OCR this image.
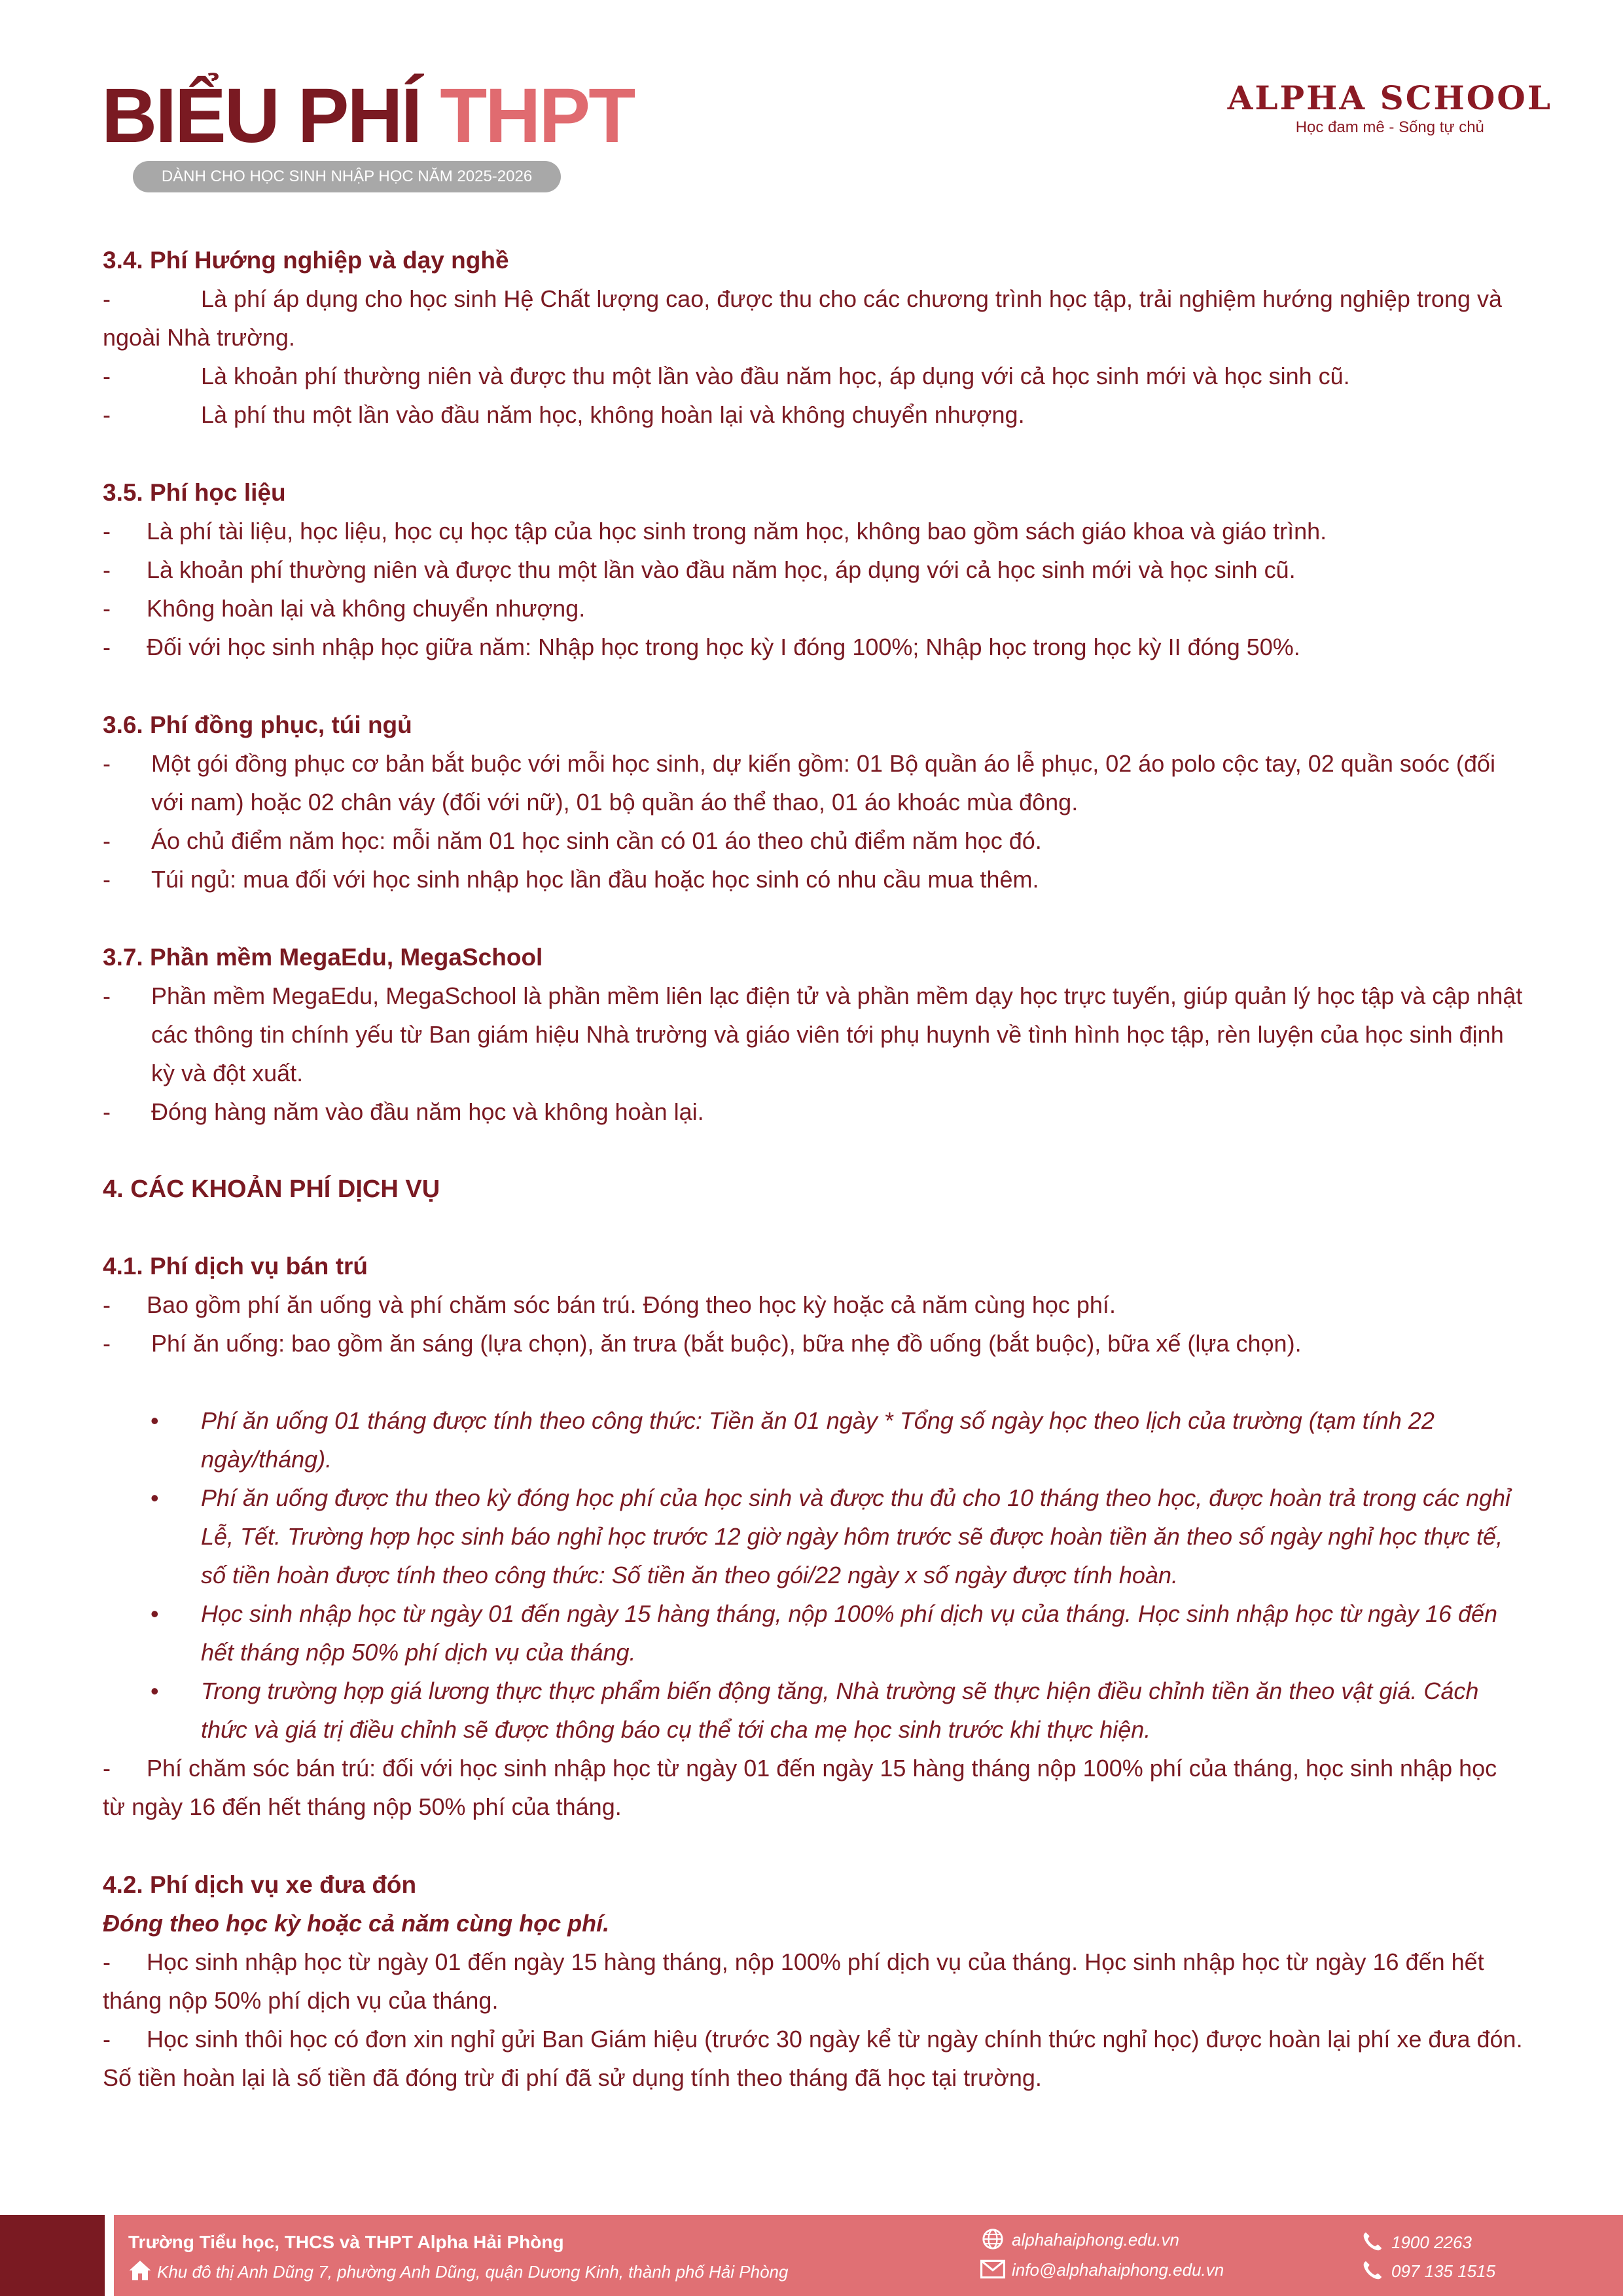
BIỂU PHÍ THPT
DÀNH CHO HỌC SINH NHẬP HỌC NĂM 2025-2026
ALPHA SCHOOL
Học đam mê - Sống tự chủ

3.4. Phí Hướng nghiệp và dạy nghề

-	Là phí áp dụng cho học sinh Hệ Chất lượng cao, được thu cho các chương trình học tập, trải nghiệm hướng nghiệp trong và ngoài Nhà trường.

-	Là khoản phí thường niên và được thu một lần vào đầu năm học, áp dụng với cả học sinh mới và học sinh cũ.

-	Là phí thu một lần vào đầu năm học, không hoàn lại và không chuyển nhượng.

3.5. Phí học liệu

- Là phí tài liệu, học liệu, học cụ học tập của học sinh trong năm học, không bao gồm sách giáo khoa và giáo trình.

- Là khoản phí thường niên và được thu một lần vào đầu năm học, áp dụng với cả học sinh mới và học sinh cũ.

- Không hoàn lại và không chuyển nhượng.

- Đối với học sinh nhập học giữa năm: Nhập học trong học kỳ I đóng 100%; Nhập học trong học kỳ II đóng 50%.

3.6. Phí đồng phục, túi ngủ

- Một gói đồng phục cơ bản bắt buộc với mỗi học sinh, dự kiến gồm: 01 Bộ quần áo lễ phục, 02 áo polo cộc tay, 02 quần soóc (đối với nam) hoặc 02 chân váy (đối với nữ), 01 bộ quần áo thể thao, 01 áo khoác mùa đông.

- Áo chủ điểm năm học: mỗi năm 01 học sinh cần có 01 áo theo chủ điểm năm học đó.

- Túi ngủ: mua đối với học sinh nhập học lần đầu hoặc học sinh có nhu cầu mua thêm.

3.7. Phần mềm MegaEdu, MegaSchool

- Phần mềm MegaEdu, MegaSchool là phần mềm liên lạc điện tử và phần mềm dạy học trực tuyến, giúp quản lý học tập và cập nhật các thông tin chính yếu từ Ban giám hiệu Nhà trường và giáo viên tới phụ huynh về tình hình học tập, rèn luyện của học sinh định kỳ và đột xuất.

- Đóng hàng năm vào đầu năm học và không hoàn lại.

4. CÁC KHOẢN PHÍ DỊCH VỤ

4.1. Phí dịch vụ bán trú

- Bao gồm phí ăn uống và phí chăm sóc bán trú. Đóng theo học kỳ hoặc cả năm cùng học phí.

- Phí ăn uống: bao gồm ăn sáng (lựa chọn), ăn trưa (bắt buộc), bữa nhẹ đồ uống (bắt buộc), bữa xế (lựa chọn).

• Phí ăn uống 01 tháng được tính theo công thức: Tiền ăn 01 ngày * Tổng số ngày học theo lịch của trường (tạm tính 22 ngày/tháng).

• Phí ăn uống được thu theo kỳ đóng học phí của học sinh và được thu đủ cho 10 tháng theo học, được hoàn trả trong các nghỉ Lễ, Tết. Trường hợp học sinh báo nghỉ học trước 12 giờ ngày hôm trước sẽ được hoàn tiền ăn theo số ngày nghỉ học thực tế, số tiền hoàn được tính theo công thức: Số tiền ăn theo gói/22 ngày x số ngày được tính hoàn.

• Học sinh nhập học từ ngày 01 đến ngày 15 hàng tháng, nộp 100% phí dịch vụ của tháng. Học sinh nhập học từ ngày 16 đến hết tháng nộp 50% phí dịch vụ của tháng.

• Trong trường hợp giá lương thực thực phẩm biến động tăng, Nhà trường sẽ thực hiện điều chỉnh tiền ăn theo vật giá. Cách thức và giá trị điều chỉnh sẽ được thông báo cụ thể tới cha mẹ học sinh trước khi thực hiện.

- Phí chăm sóc bán trú: đối với học sinh nhập học từ ngày 01 đến ngày 15 hàng tháng nộp 100% phí của tháng, học sinh nhập học từ ngày 16 đến hết tháng nộp 50% phí của tháng.

4.2. Phí dịch vụ xe đưa đón

Đóng theo học kỳ hoặc cả năm cùng học phí.

- Học sinh nhập học từ ngày 01 đến ngày 15 hàng tháng, nộp 100% phí dịch vụ của tháng. Học sinh nhập học từ ngày 16 đến hết tháng nộp 50% phí dịch vụ của tháng.

- Học sinh thôi học có đơn xin nghỉ gửi Ban Giám hiệu (trước 30 ngày kể từ ngày chính thức nghỉ học) được hoàn lại phí xe đưa đón. Số tiền hoàn lại là số tiền đã đóng trừ đi phí đã sử dụng tính theo tháng đã học tại trường.

Trường Tiểu học, THCS và THPT Alpha Hải Phòng
Khu đô thị Anh Dũng 7, phường Anh Dũng, quận Dương Kinh, thành phố Hải Phòng
alphahaiphong.edu.vn
info@alphahaiphong.edu.vn
1900 2263
097 135 1515
